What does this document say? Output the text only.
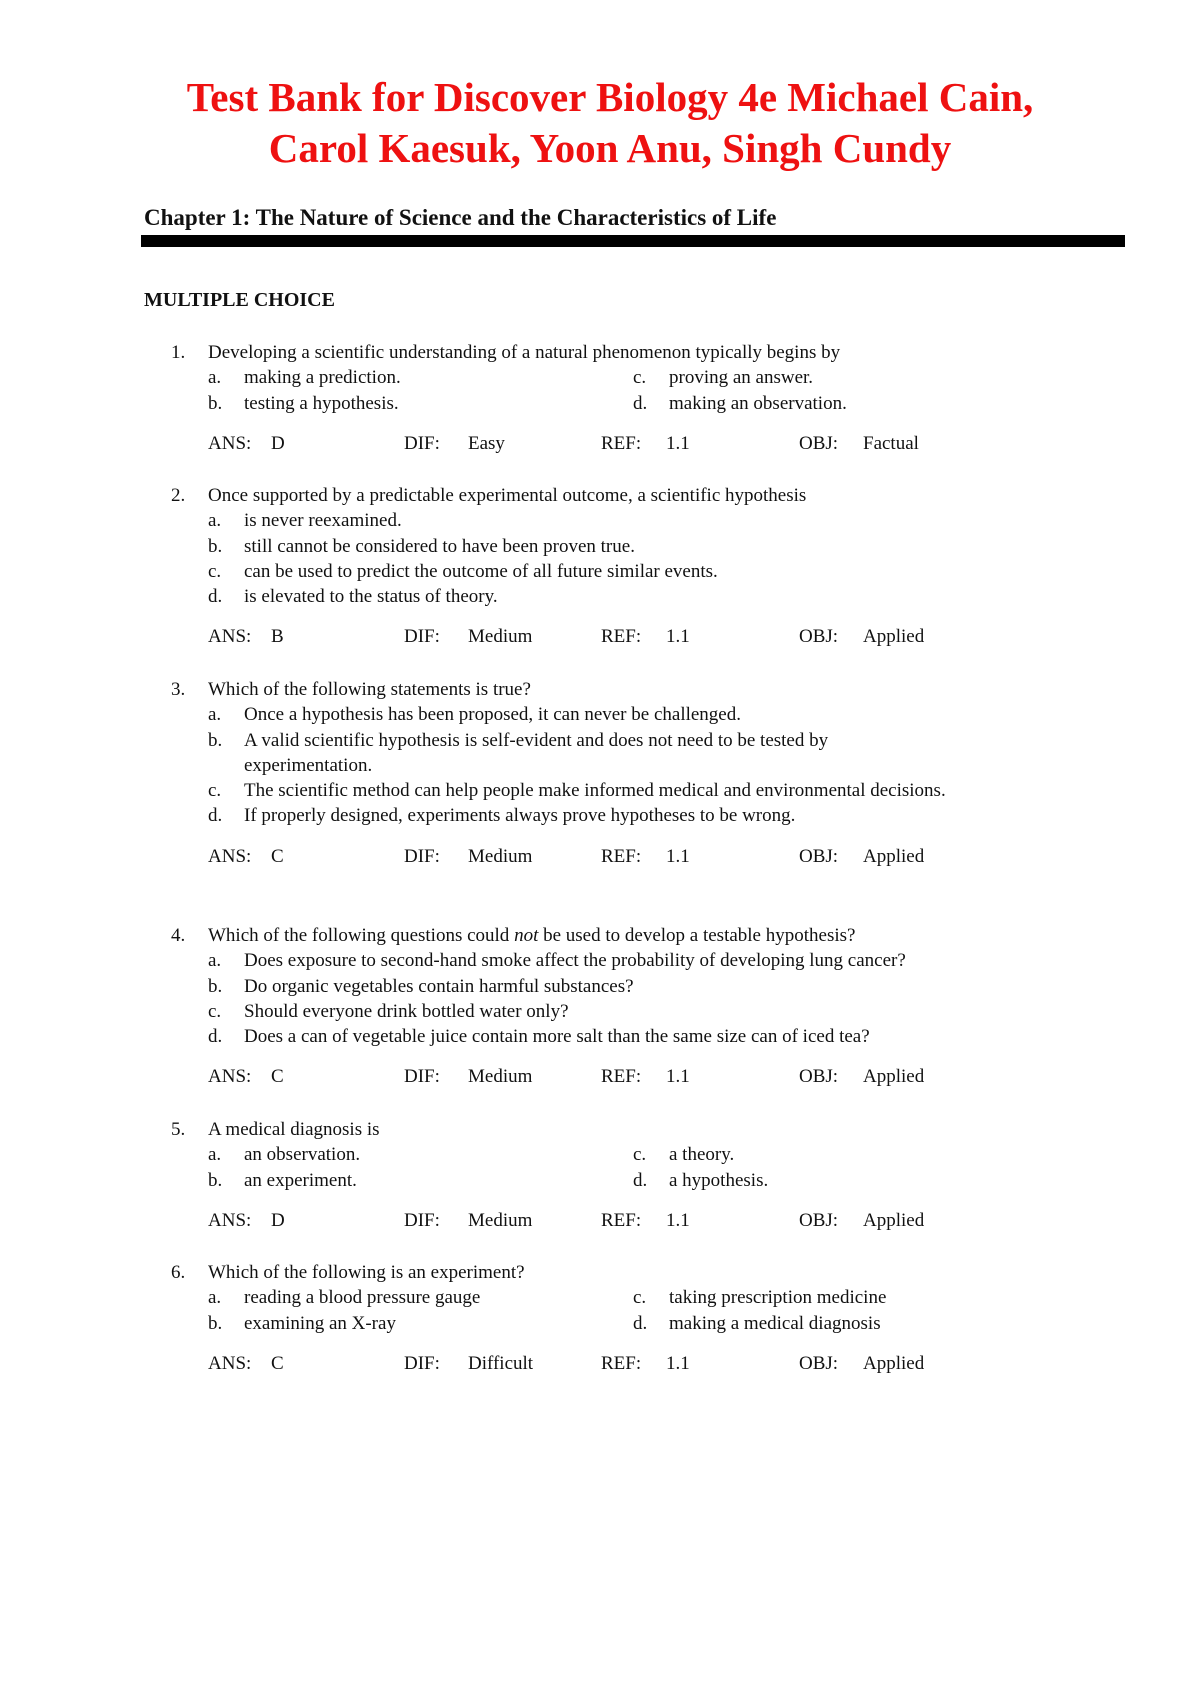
Test Bank for Discover Biology 4e Michael Cain,
Carol Kaesuk, Yoon Anu, Singh Cundy
Chapter 1: The Nature of Science and the Characteristics of Life
MULTIPLE CHOICE
1. Developing a scientific understanding of a natural phenomenon typically begins by
a. making a prediction.	c. proving an answer.
b. testing a hypothesis.	d. making an observation.
ANS: D	DIF: Easy	REF: 1.1	OBJ: Factual
2. Once supported by a predictable experimental outcome, a scientific hypothesis
a. is never reexamined.
b. still cannot be considered to have been proven true.
c. can be used to predict the outcome of all future similar events.
d. is elevated to the status of theory.
ANS: B	DIF: Medium	REF: 1.1	OBJ: Applied
3. Which of the following statements is true?
a. Once a hypothesis has been proposed, it can never be challenged.
b. A valid scientific hypothesis is self-evident and does not need to be tested by experimentation.
c. The scientific method can help people make informed medical and environmental decisions.
d. If properly designed, experiments always prove hypotheses to be wrong.
ANS: C	DIF: Medium	REF: 1.1	OBJ: Applied
4. Which of the following questions could not be used to develop a testable hypothesis?
a. Does exposure to second-hand smoke affect the probability of developing lung cancer?
b. Do organic vegetables contain harmful substances?
c. Should everyone drink bottled water only?
d. Does a can of vegetable juice contain more salt than the same size can of iced tea?
ANS: C	DIF: Medium	REF: 1.1	OBJ: Applied
5. A medical diagnosis is
a. an observation.	c. a theory.
b. an experiment.	d. a hypothesis.
ANS: D	DIF: Medium	REF: 1.1	OBJ: Applied
6. Which of the following is an experiment?
a. reading a blood pressure gauge	c. taking prescription medicine
b. examining an X-ray	d. making a medical diagnosis
ANS: C	DIF: Difficult	REF: 1.1	OBJ: Applied
